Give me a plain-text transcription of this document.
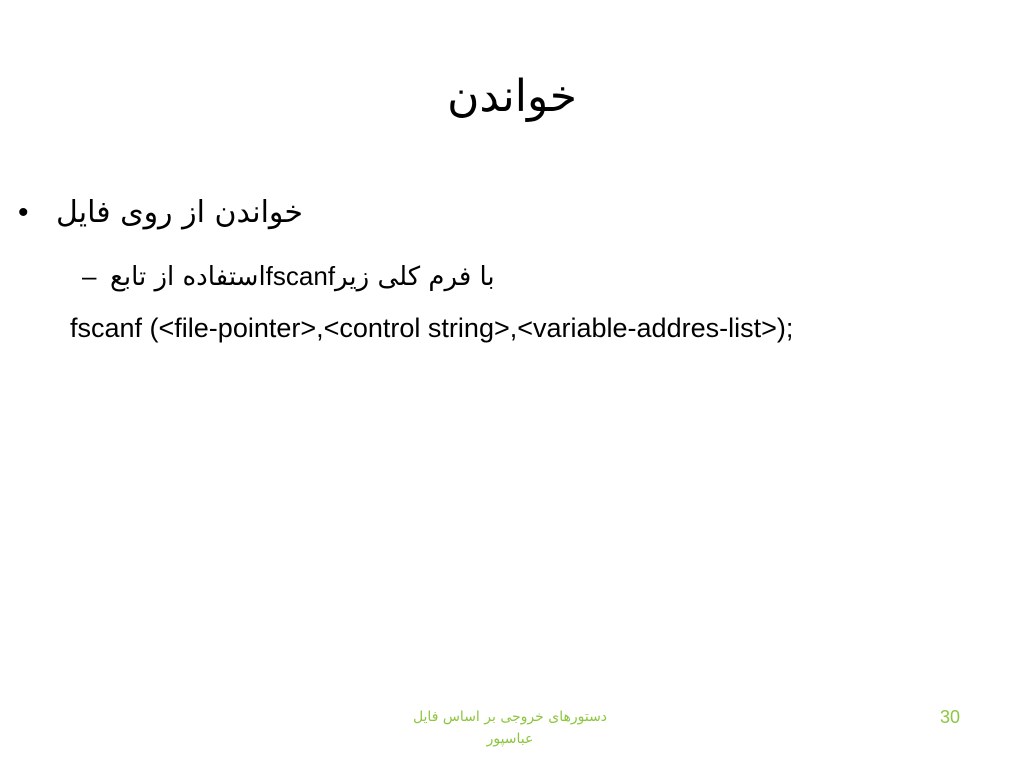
خواندن
• خواندن از روی فایل
–	با فرم کلی زیرfscanfاستفاده از تابع
fscanf (<file-pointer>,<control string>,<variable-addres-list>);
دستورهای خروجی بر اساس فایل
عباسپور
30
